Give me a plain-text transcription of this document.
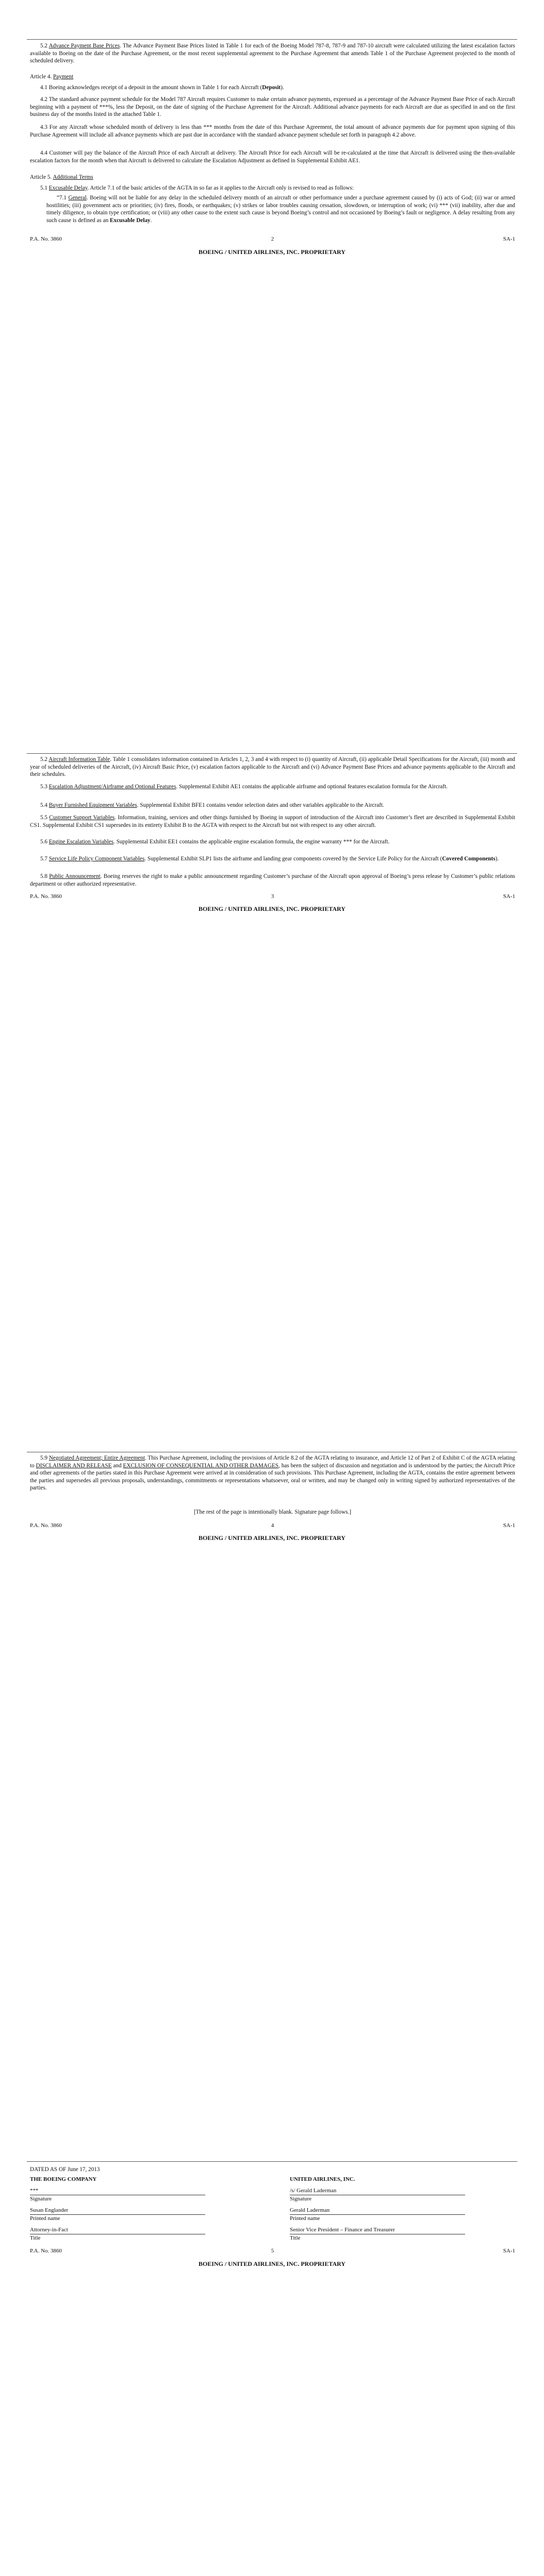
5.2 Advance Payment Base Prices. The Advance Payment Base Prices listed in Table 1 for each of the Boeing Model 787-8, 787-9 and 787-10 aircraft were calculated utilizing the latest escalation factors available to Boeing on the date of the Purchase Agreement, or the most recent supplemental agreement to the Purchase Agreement that amends Table 1 of the Purchase Agreement projected to the month of scheduled delivery.
Article 4. Payment
4.1 Boeing acknowledges receipt of a deposit in the amount shown in Table 1 for each Aircraft (Deposit).
4.2 The standard advance payment schedule for the Model 787 Aircraft requires Customer to make certain advance payments, expressed as a percentage of the Advance Payment Base Price of each Aircraft beginning with a payment of ***%, less the Deposit, on the date of signing of the Purchase Agreement for the Aircraft. Additional advance payments for each Aircraft are due as specified in and on the first business day of the months listed in the attached Table 1.
4.3 For any Aircraft whose scheduled month of delivery is less than *** months from the date of this Purchase Agreement, the total amount of advance payments due for payment upon signing of this Purchase Agreement will include all advance payments which are past due in accordance with the standard advance payment schedule set forth in paragraph 4.2 above.
4.4 Customer will pay the balance of the Aircraft Price of each Aircraft at delivery. The Aircraft Price for each Aircraft will be re-calculated at the time that Aircraft is delivered using the then-available escalation factors for the month when that Aircraft is delivered to calculate the Escalation Adjustment as defined in Supplemental Exhibit AE1.
Article 5. Additional Terms
5.1 Excusable Delay. Article 7.1 of the basic articles of the AGTA in so far as it applies to the Aircraft only is revised to read as follows:
“7.1 General. Boeing will not be liable for any delay in the scheduled delivery month of an aircraft or other performance under a purchase agreement caused by (i) acts of God; (ii) war or armed hostilities; (iii) government acts or priorities; (iv) fires, floods, or earthquakes; (v) strikes or labor troubles causing cessation, slowdown, or interruption of work; (vi) *** (vii) inability, after due and timely diligence, to obtain type certification; or (viii) any other cause to the extent such cause is beyond Boeing’s control and not occasioned by Boeing’s fault or negligence. A delay resulting from any such cause is defined as an Excusable Delay.
P.A. No. 3860	2	SA-1
BOEING / UNITED AIRLINES, INC. PROPRIETARY
5.2 Aircraft Information Table. Table 1 consolidates information contained in Articles 1, 2, 3 and 4 with respect to (i) quantity of Aircraft, (ii) applicable Detail Specifications for the Aircraft, (iii) month and year of scheduled deliveries of the Aircraft, (iv) Aircraft Basic Price, (v) escalation factors applicable to the Aircraft and (vi) Advance Payment Base Prices and advance payments applicable to the Aircraft and their schedules.
5.3 Escalation Adjustment/Airframe and Optional Features. Supplemental Exhibit AE1 contains the applicable airframe and optional features escalation formula for the Aircraft.
5.4 Buyer Furnished Equipment Variables. Supplemental Exhibit BFE1 contains vendor selection dates and other variables applicable to the Aircraft.
5.5 Customer Support Variables. Information, training, services and other things furnished by Boeing in support of introduction of the Aircraft into Customer’s fleet are described in Supplemental Exhibit CS1. Supplemental Exhibit CS1 supersedes in its entirety Exhibit B to the AGTA with respect to the Aircraft but not with respect to any other aircraft.
5.6 Engine Escalation Variables. Supplemental Exhibit EE1 contains the applicable engine escalation formula, the engine warranty *** for the Aircraft.
5.7 Service Life Policy Component Variables. Supplemental Exhibit SLP1 lists the airframe and landing gear components covered by the Service Life Policy for the Aircraft (Covered Components).
5.8 Public Announcement. Boeing reserves the right to make a public announcement regarding Customer’s purchase of the Aircraft upon approval of Boeing’s press release by Customer’s public relations department or other authorized representative.
P.A. No. 3860	3	SA-1
BOEING / UNITED AIRLINES, INC. PROPRIETARY
5.9 Negotiated Agreement; Entire Agreement. This Purchase Agreement, including the provisions of Article 8.2 of the AGTA relating to insurance, and Article 12 of Part 2 of Exhibit C of the AGTA relating to DISCLAIMER AND RELEASE and EXCLUSION OF CONSEQUENTIAL AND OTHER DAMAGES, has been the subject of discussion and negotiation and is understood by the parties; the Aircraft Price and other agreements of the parties stated in this Purchase Agreement were arrived at in consideration of such provisions. This Purchase Agreement, including the AGTA, contains the entire agreement between the parties and supersedes all previous proposals, understandings, commitments or representations whatsoever, oral or written, and may be changed only in writing signed by authorized representatives of the parties.
[The rest of the page is intentionally blank. Signature page follows.]
P.A. No. 3860	4	SA-1
BOEING / UNITED AIRLINES, INC. PROPRIETARY
DATED AS OF June 17, 2013
THE BOEING COMPANY
***
Signature
Susan Englander
Printed name
Attorney-in-Fact
Title
UNITED AIRLINES, INC.
/s/ Gerald Laderman
Signature
Gerald Laderman
Printed name
Senior Vice President – Finance and Treasurer
Title
P.A. No. 3860	5	SA-1
BOEING / UNITED AIRLINES, INC. PROPRIETARY
